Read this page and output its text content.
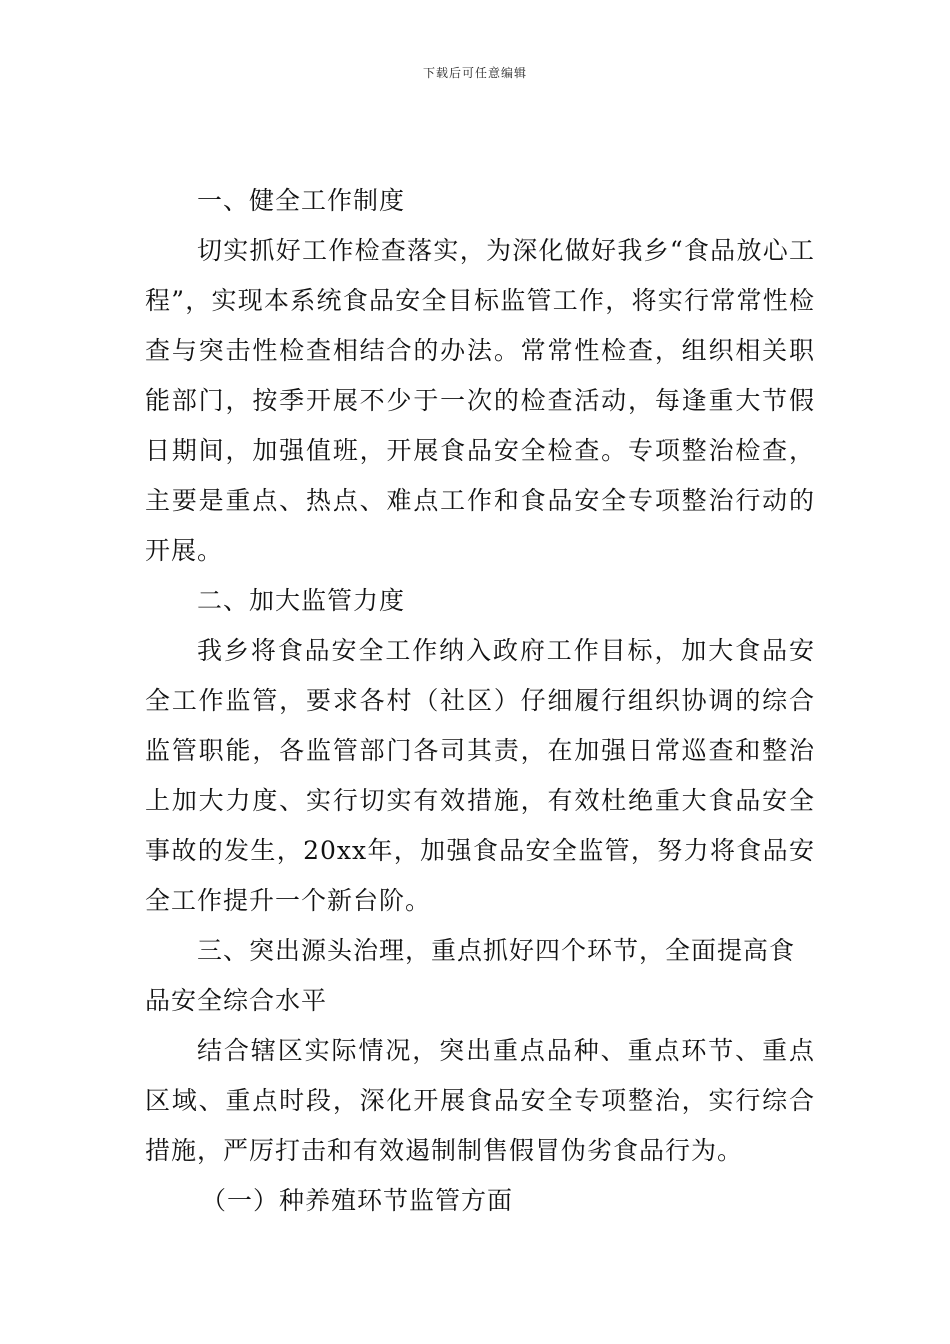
下载后可任意编辑

一、健全工作制度

切实抓好工作检查落实，为深化做好我乡“食品放心工程”，实现本系统食品安全目标监管工作，将实行常常性检查与突击性检查相结合的办法。常常性检查，组织相关职能部门，按季开展不少于一次的检查活动，每逢重大节假日期间，加强值班，开展食品安全检查。专项整治检查，主要是重点、热点、难点工作和食品安全专项整治行动的开展。

二、加大监管力度

我乡将食品安全工作纳入政府工作目标，加大食品安全工作监管，要求各村（社区）仔细履行组织协调的综合监管职能，各监管部门各司其责，在加强日常巡查和整治上加大力度、实行切实有效措施，有效杜绝重大食品安全事故的发生，20xx年，加强食品安全监管，努力将食品安全工作提升一个新台阶。

三、突出源头治理，重点抓好四个环节，全面提高食品安全综合水平

结合辖区实际情况，突出重点品种、重点环节、重点区域、重点时段，深化开展食品安全专项整治，实行综合措施，严厉打击和有效遏制制售假冒伪劣食品行为。

（一）种养殖环节监管方面
